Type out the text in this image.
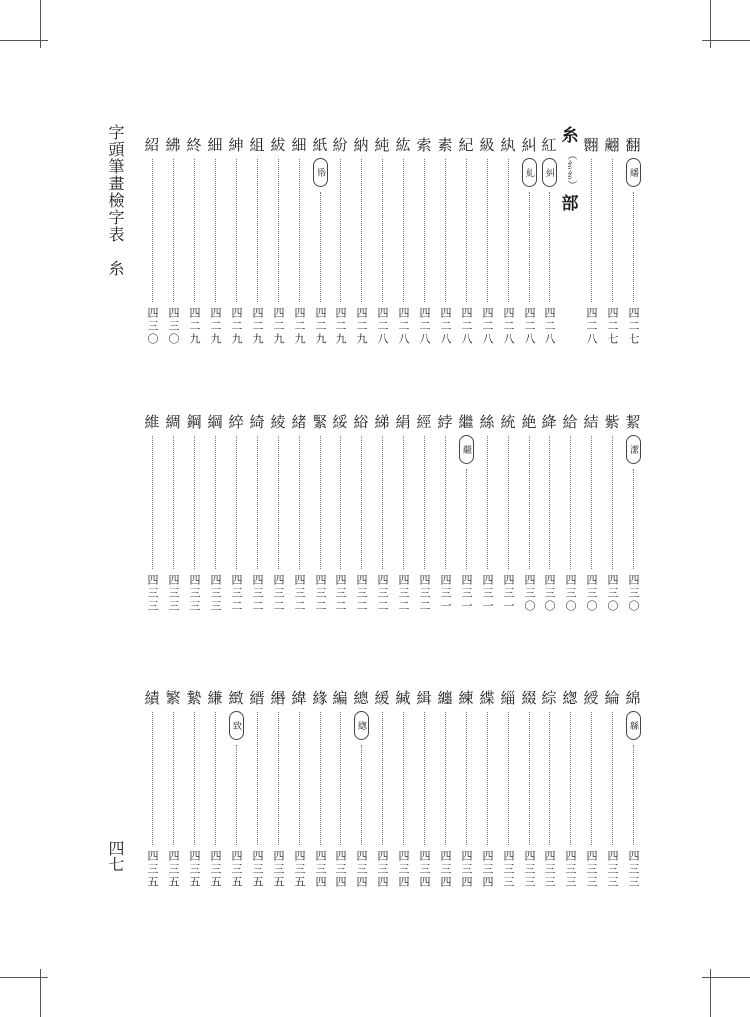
字頭筆畫檢字表　糸
四七
翻
繙
四二七
翽
四二七
翾
四二八
糸
（纟纟）
部
紅
糾
四二八
糾
糺
四二八
紈
四二八
級
四二八
紀
四二八
素
四二八
索
四二八
紘
四二八
純
四二八
納
四二九
紛
四二九
紙
帋
四二九
細
四二九
紱
四二九
組
四二九
紳
四二九
細
四二九
終
四二九
紼
四三〇
紹
四三〇
絜
潔
四三〇
紫
四三〇
結
四三〇
給
四三〇
絳
四三〇
絶
四三〇
統
四三一
絲
四三一
繼
繼
四三一
綍
四三一
經
四三二
絹
四三二
綈
四三二
綌
四三二
綏
四三二
緊
四三二
緒
四三二
綾
四三二
綺
四三二
綷
四三二
綱
四三三
鋼
四三三
綢
四三三
維
四三三
綿
緜
四三三
綸
四三三
綬
四三三
緫
四三三
綜
四三三
綴
四三三
緇
四三三
緤
四三四
練
四三四
纏
四三四
緝
四三四
緘
四三四
緩
四三四
總
緫
四三四
編
四三四
緣
四三四
緯
四三五
緡
四三五
縉
四三五
緻
致
四三五
縑
四三五
縶
四三五
繁
四三五
績
四三五
